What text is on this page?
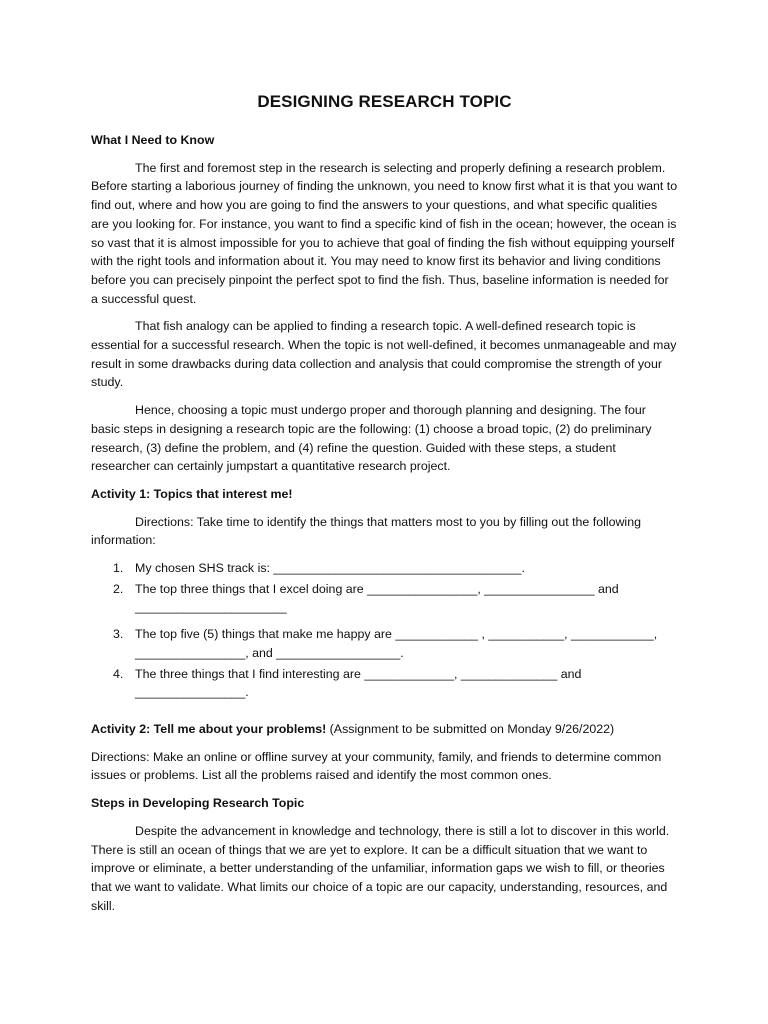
DESIGNING RESEARCH TOPIC
What I Need to Know

The first and foremost step in the research is selecting and properly defining a research problem. Before starting a laborious journey of finding the unknown, you need to know first what it is that you want to find out, where and how you are going to find the answers to your questions, and what specific qualities are you looking for. For instance, you want to find a specific kind of fish in the ocean; however, the ocean is so vast that it is almost impossible for you to achieve that goal of finding the fish without equipping yourself with the right tools and information about it. You may need to know first its behavior and living conditions before you can precisely pinpoint the perfect spot to find the fish. Thus, baseline information is needed for a successful quest.

That fish analogy can be applied to finding a research topic. A well-defined research topic is essential for a successful research. When the topic is not well-defined, it becomes unmanageable and may result in some drawbacks during data collection and analysis that could compromise the strength of your study.

Hence, choosing a topic must undergo proper and thorough planning and designing. The four basic steps in designing a research topic are the following: (1) choose a broad topic, (2) do preliminary research, (3) define the problem, and (4) refine the question. Guided with these steps, a student researcher can certainly jumpstart a quantitative research project.

Activity 1: Topics that interest me!

Directions: Take time to identify the things that matters most to you by filling out the following information:

1. My chosen SHS track is: ____________________________________.
2. The top three things that I excel doing are ________________, ________________ and ______________________
3. The top five (5) things that make me happy are ____________ , ___________, ____________, ________________, and __________________.
4. The three things that I find interesting are _____________, ______________ and ________________.
Activity 2: Tell me about your problems! (Assignment to be submitted on Monday 9/26/2022)

Directions: Make an online or offline survey at your community, family, and friends to determine common issues or problems. List all the problems raised and identify the most common ones.

Steps in Developing Research Topic

Despite the advancement in knowledge and technology, there is still a lot to discover in this world. There is still an ocean of things that we are yet to explore. It can be a difficult situation that we want to improve or eliminate, a better understanding of the unfamiliar, information gaps we wish to fill, or theories that we want to validate. What limits our choice of a topic are our capacity, understanding, resources, and skill.
